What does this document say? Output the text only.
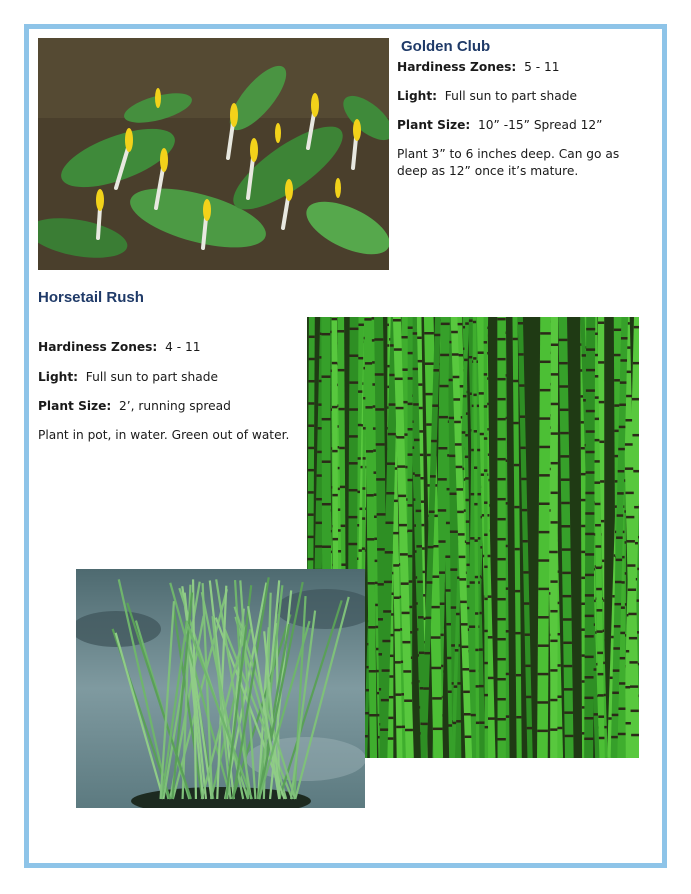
Golden Club
Hardiness Zones: 5 - 11
Light: Full sun to part shade
Plant Size: 10” -15” Spread 12”
Plant 3” to 6 inches deep. Can go as deep as 12” once it’s mature.
Horsetail Rush
Hardiness Zones: 4 - 11
Light: Full sun to part shade
Plant Size: 2’, running spread
Plant in pot, in water. Green out of water.
